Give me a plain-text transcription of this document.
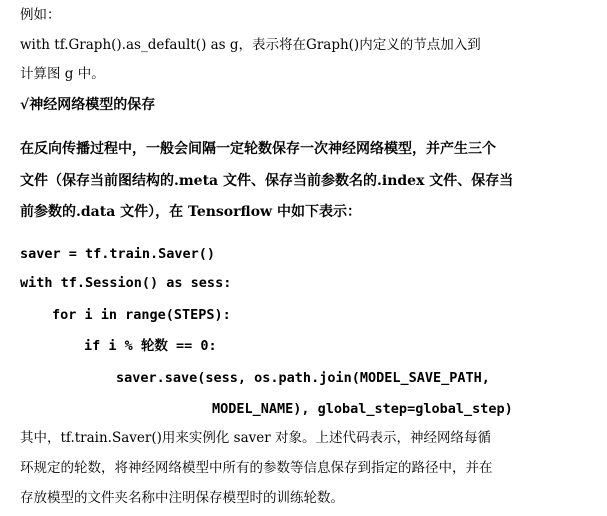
例如：
with tf.Graph().as_default() as g，表示将在Graph()内定义的节点加入到
计算图 g 中。
√神经网络模型的保存
在反向传播过程中，一般会间隔一定轮数保存一次神经网络模型，并产生三个
文件（保存当前图结构的.meta 文件、保存当前参数名的.index 文件、保存当
前参数的.data 文件），在 Tensorflow 中如下表示：
saver = tf.train.Saver()
with tf.Session() as sess:
for i in range(STEPS):
if i % 轮数 == 0:
saver.save(sess, os.path.join(MODEL_SAVE_PATH,
MODEL_NAME), global_step=global_step)
其中，tf.train.Saver()用来实例化 saver 对象。上述代码表示，神经网络每循
环规定的轮数，将神经网络模型中所有的参数等信息保存到指定的路径中，并在
存放模型的文件夹名称中注明保存模型时的训练轮数。
